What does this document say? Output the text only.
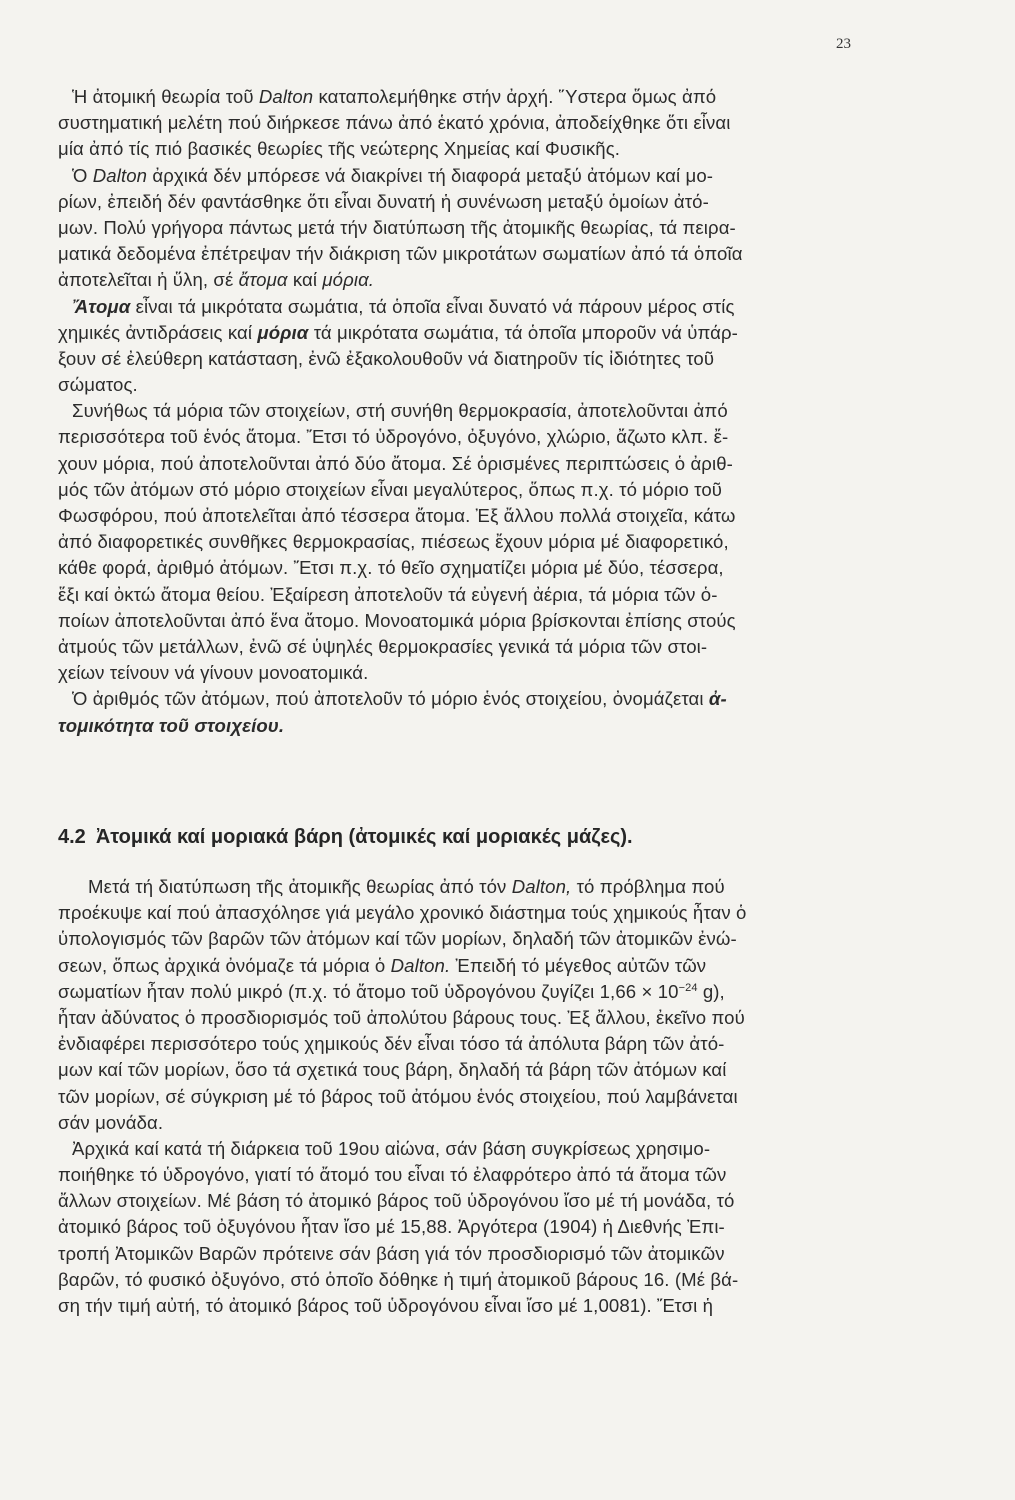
23
Ἡ ἀτομική θεωρία τοῦ Dalton καταπολεμήθηκε στήν ἀρχή. Ὕστερα ὅμως ἀπό
συστηματική μελέτη πού διήρκεσε πάνω ἀπό ἑκατό χρόνια, ἀποδείχθηκε ὅτι εἶναι
μία ἀπό τίς πιό βασικές θεωρίες τῆς νεώτερης Χημείας καί Φυσικῆς.
Ὁ Dalton ἀρχικά δέν μπόρεσε νά διακρίνει τή διαφορά μεταξύ ἀτόμων καί μο-
ρίων, ἐπειδή δέν φαντάσθηκε ὅτι εἶναι δυνατή ἡ συνένωση μεταξύ ὁμοίων ἀτό-
μων. Πολύ γρήγορα πάντως μετά τήν διατύπωση τῆς ἀτομικῆς θεωρίας, τά πειρα-
ματικά δεδομένα ἐπέτρεψαν τήν διάκριση τῶν μικροτάτων σωματίων ἀπό τά ὁποῖα
ἀποτελεῖται ἡ ὕλη, σέ ἄτομα καί μόρια.
Ἄτομα εἶναι τά μικρότατα σωμάτια, τά ὁποῖα εἶναι δυνατό νά πάρουν μέρος στίς
χημικές ἀντιδράσεις καί μόρια τά μικρότατα σωμάτια, τά ὁποῖα μποροῦν νά ὑπάρ-
ξουν σέ ἐλεύθερη κατάσταση, ἐνῶ ἐξακολουθοῦν νά διατηροῦν τίς ἰδιότητες τοῦ
σώματος.
Συνήθως τά μόρια τῶν στοιχείων, στή συνήθη θερμοκρασία, ἀποτελοῦνται ἀπό
περισσότερα τοῦ ἑνός ἄτομα. Ἔτσι τό ὑδρογόνο, ὀξυγόνο, χλώριο, ἄζωτο κλπ. ἔ-
χουν μόρια, πού ἀποτελοῦνται ἀπό δύο ἄτομα. Σέ ὁρισμένες περιπτώσεις ὁ ἀριθ-
μός τῶν ἀτόμων στό μόριο στοιχείων εἶναι μεγαλύτερος, ὅπως π.χ. τό μόριο τοῦ
Φωσφόρου, πού ἀποτελεῖται ἀπό τέσσερα ἄτομα. Ἐξ ἄλλου πολλά στοιχεῖα, κάτω
ἀπό διαφορετικές συνθῆκες θερμοκρασίας, πιέσεως ἔχουν μόρια μέ διαφορετικό,
κάθε φορά, ἀριθμό ἀτόμων. Ἔτσι π.χ. τό θεῖο σχηματίζει μόρια μέ δύο, τέσσερα,
ἕξι καί ὀκτώ ἄτομα θείου. Ἐξαίρεση ἀποτελοῦν τά εὐγενή ἀέρια, τά μόρια τῶν ὁ-
ποίων ἀποτελοῦνται ἀπό ἕνα ἄτομο. Μονοατομικά μόρια βρίσκονται ἐπίσης στούς
ἀτμούς τῶν μετάλλων, ἐνῶ σέ ὑψηλές θερμοκρασίες γενικά τά μόρια τῶν στοι-
χείων τείνουν νά γίνουν μονοατομικά.
Ὁ ἀριθμός τῶν ἀτόμων, πού ἀποτελοῦν τό μόριο ἑνός στοιχείου, ὀνομάζεται ἀ-
τομικότητα τοῦ στοιχείου.
4.2 Ἀτομικά καί μοριακά βάρη (ἀτομικές καί μοριακές μάζες).
Μετά τή διατύπωση τῆς ἀτομικῆς θεωρίας ἀπό τόν Dalton, τό πρόβλημα πού
προέκυψε καί πού ἀπασχόλησε γιά μεγάλο χρονικό διάστημα τούς χημικούς ἦταν ὁ
ὑπολογισμός τῶν βαρῶν τῶν ἀτόμων καί τῶν μορίων, δηλαδή τῶν ἀτομικῶν ἐνώ-
σεων, ὅπως ἀρχικά ὀνόμαζε τά μόρια ὁ Dalton. Ἐπειδή τό μέγεθος αὐτῶν τῶν
σωματίων ἦταν πολύ μικρό (π.χ. τό ἄτομο τοῦ ὑδρογόνου ζυγίζει $1,66 \times 10^{-24}$ g),
ἦταν ἀδύνατος ὁ προσδιορισμός τοῦ ἀπολύτου βάρους τους. Ἐξ ἄλλου, ἐκεῖνο πού
ἐνδιαφέρει περισσότερο τούς χημικούς δέν εἶναι τόσο τά ἀπόλυτα βάρη τῶν ἀτό-
μων καί τῶν μορίων, ὅσο τά σχετικά τους βάρη, δηλαδή τά βάρη τῶν ἀτόμων καί
τῶν μορίων, σέ σύγκριση μέ τό βάρος τοῦ ἀτόμου ἑνός στοιχείου, πού λαμβάνεται
σάν μονάδα.
Ἀρχικά καί κατά τή διάρκεια τοῦ 19ου αἰώνα, σάν βάση συγκρίσεως χρησιμο-
ποιήθηκε τό ὑδρογόνο, γιατί τό ἄτομό του εἶναι τό ἐλαφρότερο ἀπό τά ἄτομα τῶν
ἄλλων στοιχείων. Μέ βάση τό ἀτομικό βάρος τοῦ ὑδρογόνου ἴσο μέ τή μονάδα, τό
ἀτομικό βάρος τοῦ ὀξυγόνου ἦταν ἴσο μέ 15,88. Ἀργότερα (1904) ἡ Διεθνής Ἐπι-
τροπή Ἀτομικῶν Βαρῶν πρότεινε σάν βάση γιά τόν προσδιορισμό τῶν ἀτομικῶν
βαρῶν, τό φυσικό ὀξυγόνο, στό ὁποῖο δόθηκε ἡ τιμή ἀτομικοῦ βάρους 16. (Μέ βά-
ση τήν τιμή αὐτή, τό ἀτομικό βάρος τοῦ ὑδρογόνου εἶναι ἴσο μέ 1,0081). Ἔτσι ἡ
